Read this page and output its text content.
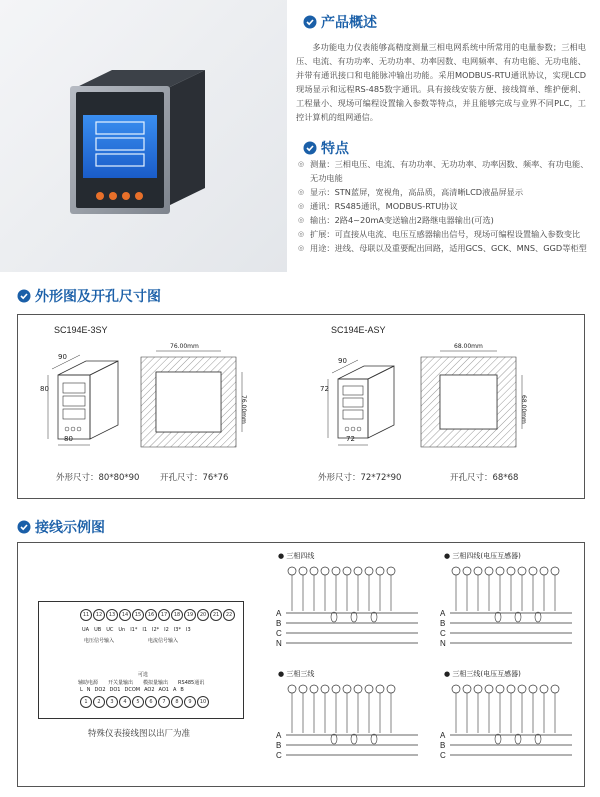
产品概述
多功能电力仪表能够高精度测量三相电网系统中所常用的电量参数；三相电压、电流、有功功率、无功功率、功率因数、电网频率、有功电能、无功电能、并带有通讯接口和电能脉冲输出功能。采用MODBUS-RTU通讯协议，实现LCD现场显示和远程RS-485数字通讯。具有接线安装方便、接线简单、维护便利、工程量小、现场可编程设置输入参数等特点，并且能够完成与业界不同PLC，工控计算机的组网通信。
特点
◎ 测量：三相电压、电流、有功功率、无功功率、功率因数、频率、有功电能、无功电能
◎ 显示：STN蓝屏，宽视角，高品质，高清晰LCD液晶屏显示
◎ 通讯：RS485通讯，MODBUS-RTU协议
◎ 输出：2路4~20mA变送输出2路继电器输出(可选)
◎ 扩展：可直接从电流、电压互感器输出信号，现场可编程设置输入参数变比
◎ 用途：进线、母联以及重要配出回路，适用GCS、GCK、MNS、GGD等柜型
外形图及开孔尺寸图
SC194E-3SY	SC194E-ASY
90
80
80
76.00mm
76.00mm
90
72
72
68.00mm
68.00mm
外形尺寸：80*80*90 开孔尺寸：76*76	外形尺寸：72*72*90	开孔尺寸：68*68
接线示例图
11	12	13	14	15	16	17	18	19	20	21	22
UA UB UC Un I1* I1 I2* I2 I3* I3
电压信号输入	电流信号输入
可选
辅助电源 开关量输出 模拟量输出 RS485通讯
L N DO2 DO1 DCOM AO2 AO1 A B
1	2	3	4	5	6	7	8	9	10
特殊仪表接线图以出厂为准
● 三相四线	● 三相四线(电压互感器)
● 三相三线	● 三相三线(电压互感器)
A
B
C
N
A
B
C
N
A
B
C
A
B
C
